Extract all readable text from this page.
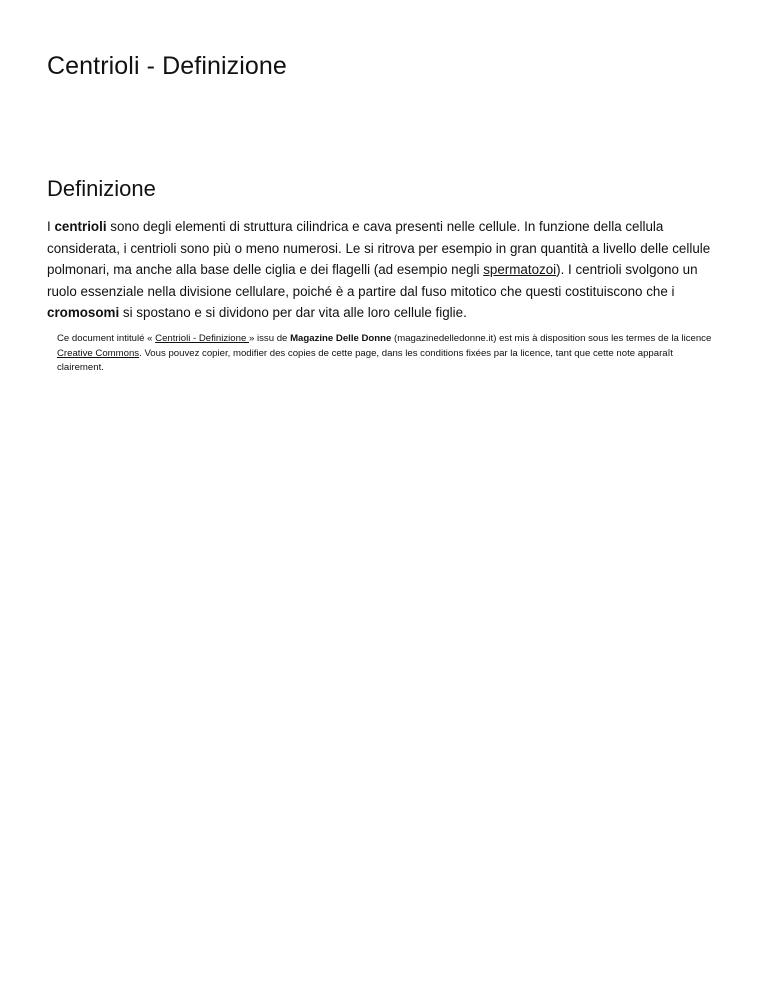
Centrioli - Definizione
Definizione

I centrioli sono degli elementi di struttura cilindrica e cava presenti nelle cellule. In funzione della cellula considerata, i centrioli sono più o meno numerosi. Le si ritrova per esempio in gran quantità a livello delle cellule polmonari, ma anche alla base delle ciglia e dei flagelli (ad esempio negli spermatozoi). I centrioli svolgono un ruolo essenziale nella divisione cellulare, poiché è a partire dal fuso mitotico che questi costituiscono che i cromosomi si spostano e si dividono per dar vita alle loro cellule figlie.

Ce document intitulé « Centrioli - Definizione » issu de Magazine Delle Donne (magazinedelledonne.it) est mis à disposition sous les termes de la licence Creative Commons. Vous pouvez copier, modifier des copies de cette page, dans les conditions fixées par la licence, tant que cette note apparaît clairement.
